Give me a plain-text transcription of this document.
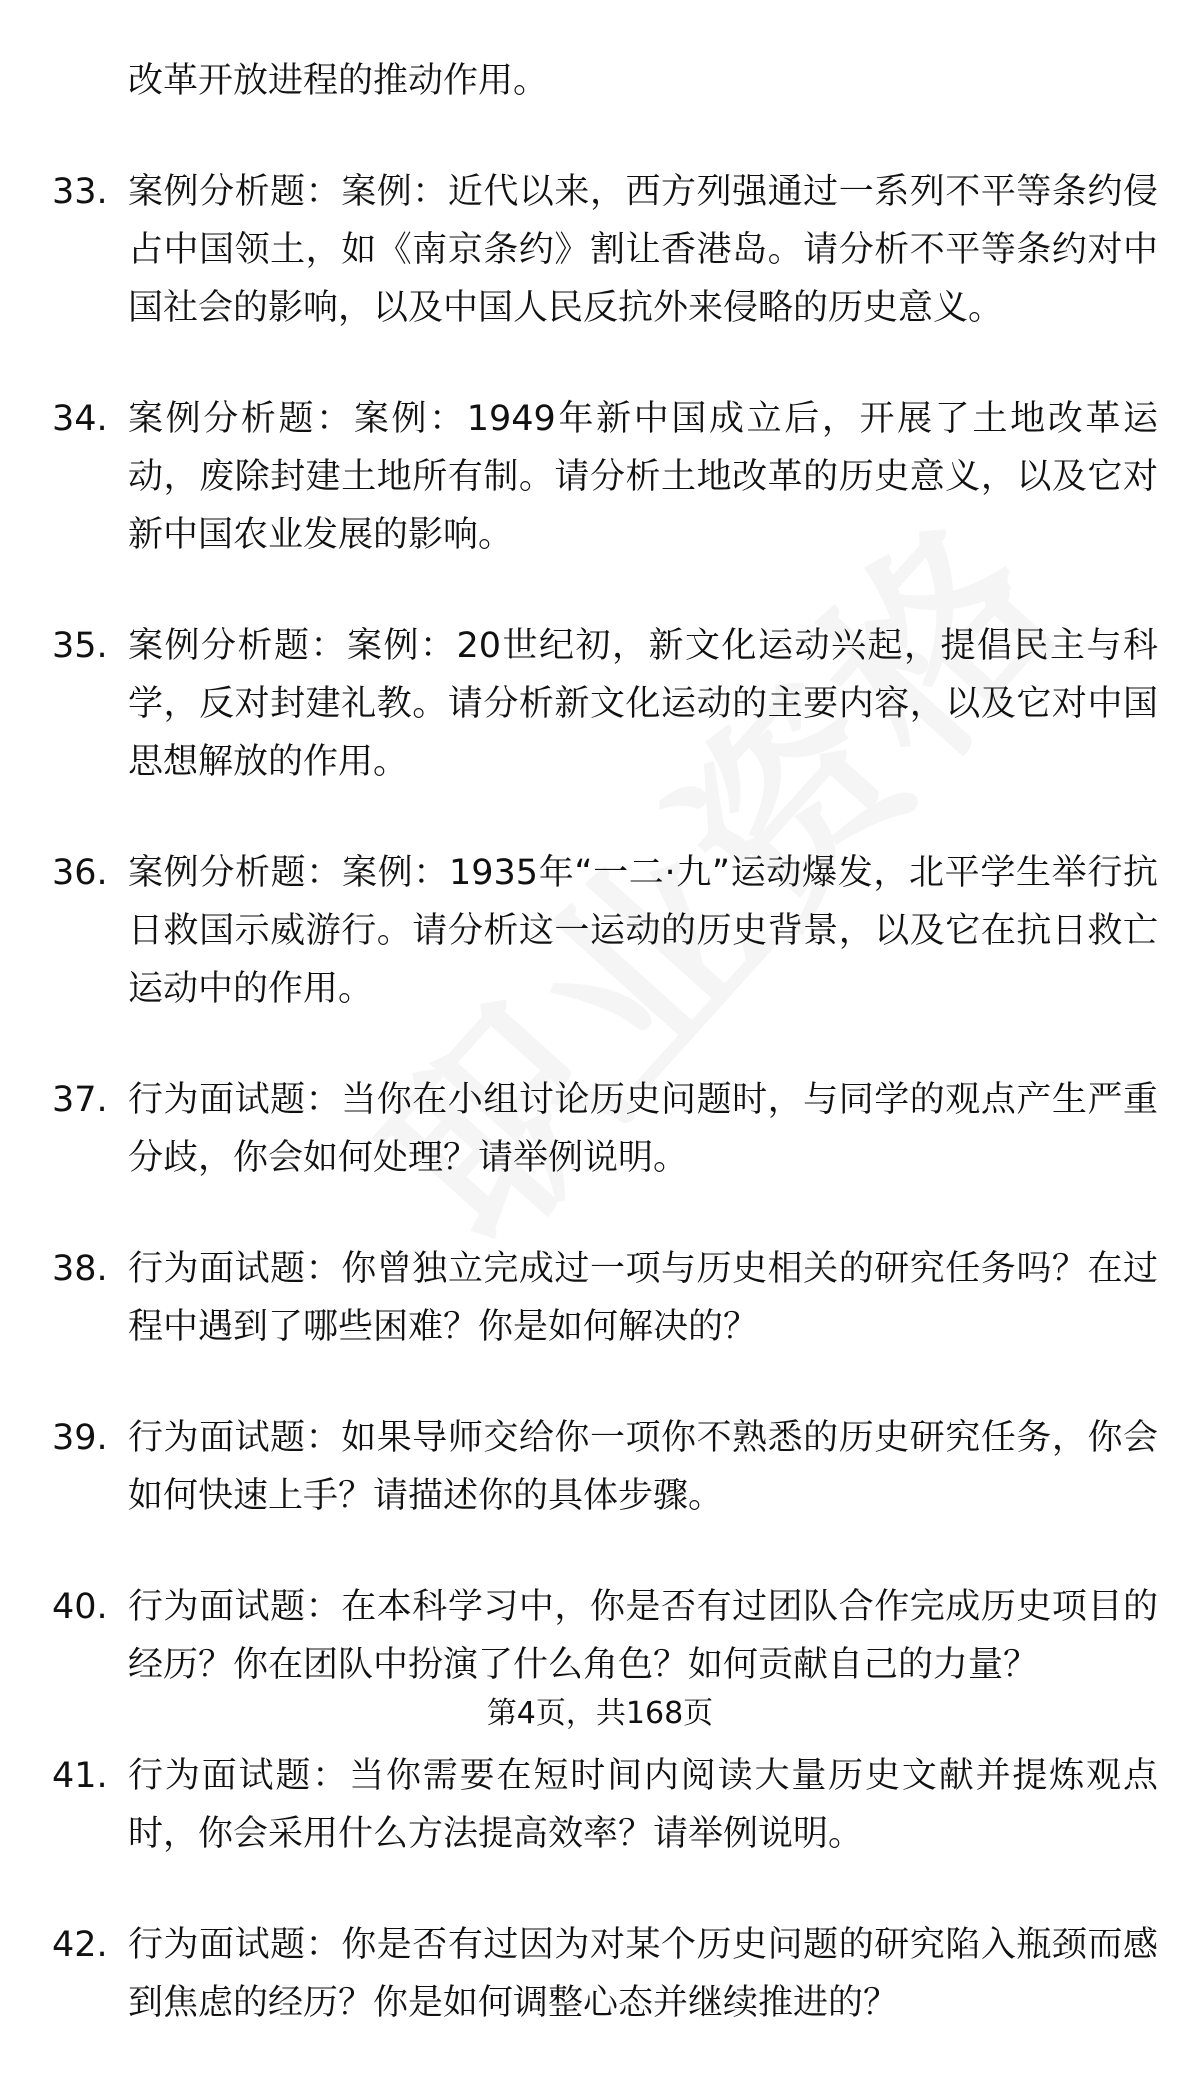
改革开放进程的推动作用。
33. 案例分析题：案例：近代以来，西方列强通过一系列不平等条约侵占中国领土，如《南京条约》割让香港岛。请分析不平等条约对中国社会的影响，以及中国人民反抗外来侵略的历史意义。
34. 案例分析题：案例：1949年新中国成立后，开展了土地改革运动，废除封建土地所有制。请分析土地改革的历史意义，以及它对新中国农业发展的影响。
35. 案例分析题：案例：20世纪初，新文化运动兴起，提倡民主与科学，反对封建礼教。请分析新文化运动的主要内容，以及它对中国思想解放的作用。
36. 案例分析题：案例：1935年“一二·九”运动爆发，北平学生举行抗日救国示威游行。请分析这一运动的历史背景，以及它在抗日救亡运动中的作用。
37. 行为面试题：当你在小组讨论历史问题时，与同学的观点产生严重分歧，你会如何处理？请举例说明。
38. 行为面试题：你曾独立完成过一项与历史相关的研究任务吗？在过程中遇到了哪些困难？你是如何解决的？
39. 行为面试题：如果导师交给你一项你不熟悉的历史研究任务，你会如何快速上手？请描述你的具体步骤。
40. 行为面试题：在本科学习中，你是否有过团队合作完成历史项目的经历？你在团队中扮演了什么角色？如何贡献自己的力量？
41. 行为面试题：当你需要在短时间内阅读大量历史文献并提炼观点时，你会采用什么方法提高效率？请举例说明。
42. 行为面试题：你是否有过因为对某个历史问题的研究陷入瓶颈而感到焦虑的经历？你是如何调整心态并继续推进的？
第4页，共168页
